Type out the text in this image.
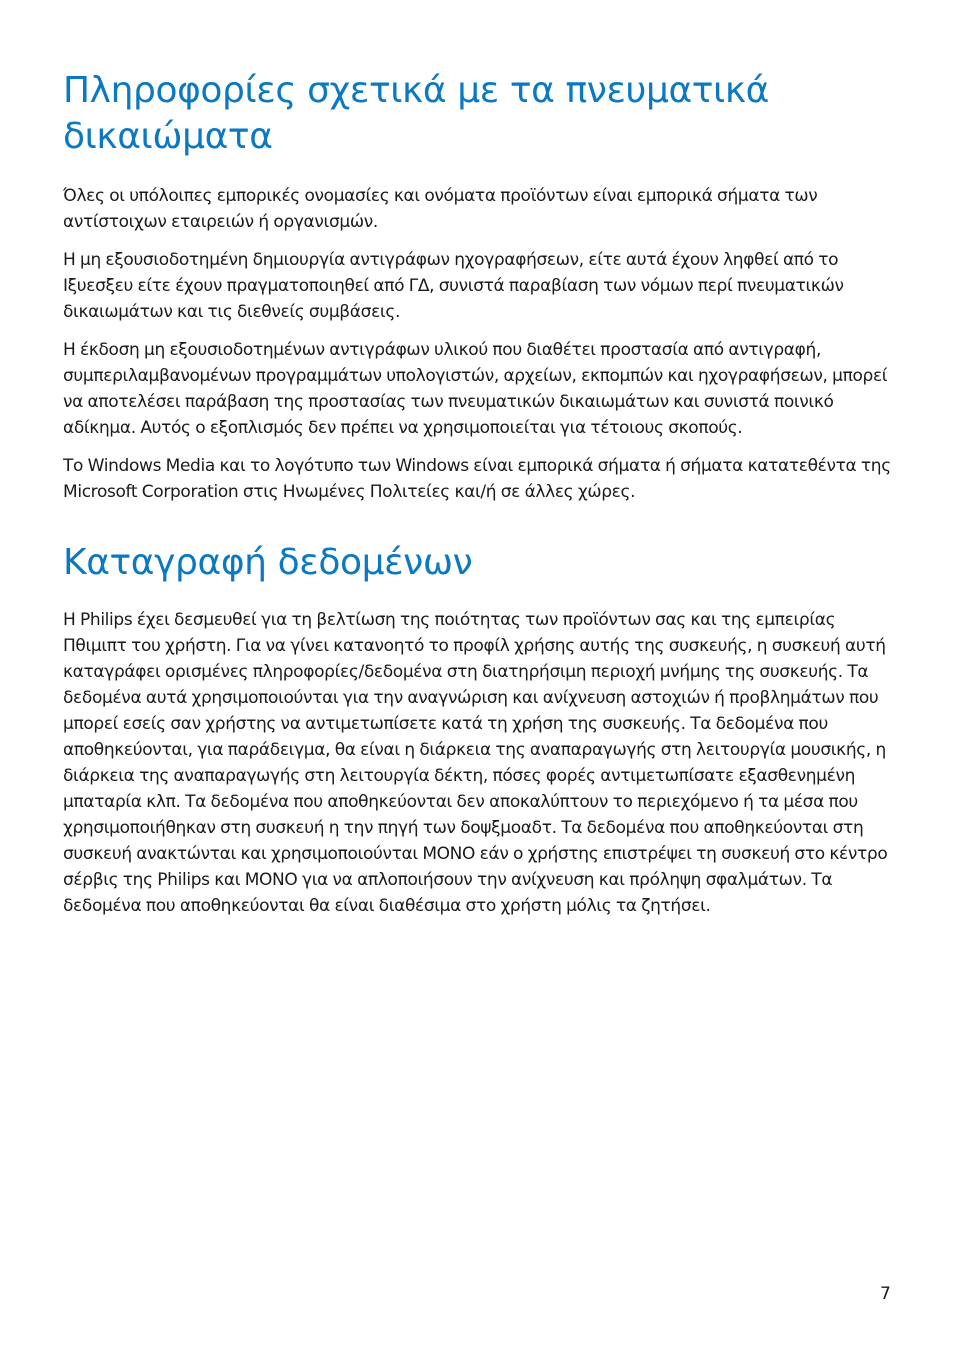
Πληροφορίες σχετικά με τα πνευματικά δικαιώματα

Όλες οι υπόλοιπες εμπορικές ονομασίες και ονόματα προϊόντων είναι εμπορικά σήματα των αντίστοιχων εταιρειών ή οργανισμών.

Η μη εξουσιοδοτημένη δημιουργία αντιγράφων ηχογραφήσεων, είτε αυτά έχουν ληφθεί από το Ιξυεσξευ είτε έχουν πραγματοποιηθεί από ΓΔ, συνιστά παραβίαση των νόμων περί πνευματικών δικαιωμάτων και τις διεθνείς συμβάσεις.

Η έκδοση μη εξουσιοδοτημένων αντιγράφων υλικού που διαθέτει προστασία από αντιγραφή, συμπεριλαμβανομένων προγραμμάτων υπολογιστών, αρχείων, εκπομπών και ηχογραφήσεων, μπορεί να αποτελέσει παράβαση της προστασίας των πνευματικών δικαιωμάτων και συνιστά ποινικό αδίκημα. Αυτός ο εξοπλισμός δεν πρέπει να χρησιμοποιείται για τέτοιους σκοπούς.

Το Windows Media και το λογότυπο των Windows είναι εμπορικά σήματα ή σήματα κατατεθέντα της Microsoft Corporation στις Ηνωμένες Πολιτείες και/ή σε άλλες χώρες.

Καταγραφή δεδομένων

Η Philips έχει δεσμευθεί για τη βελτίωση της ποιότητας των προϊόντων σας και της εμπειρίας Πθιμιπτ του χρήστη. Για να γίνει κατανοητό το προφίλ χρήσης αυτής της συσκευής, η συσκευή αυτή καταγράφει ορισμένες πληροφορίες/δεδομένα στη διατηρήσιμη περιοχή μνήμης της συσκευής. Τα δεδομένα αυτά χρησιμοποιούνται για την αναγνώριση και ανίχνευση αστοχιών ή προβλημάτων που μπορεί εσείς σαν χρήστης να αντιμετωπίσετε κατά τη χρήση της συσκευής. Τα δεδομένα που αποθηκεύονται, για παράδειγμα, θα είναι η διάρκεια της αναπαραγωγής στη λειτουργία μουσικής, η διάρκεια της αναπαραγωγής στη λειτουργία δέκτη, πόσες φορές αντιμετωπίσατε εξασθενημένη μπαταρία κλπ. Τα δεδομένα που αποθηκεύονται δεν αποκαλύπτουν το περιεχόμενο ή τα μέσα που χρησιμοποιήθηκαν στη συσκευή η την πηγή των δοψξμοαδτ. Τα δεδομένα που αποθηκεύονται στη συσκευή ανακτώνται και χρησιμοποιούνται ΜΟΝΟ εάν ο χρήστης επιστρέψει τη συσκευή στο κέντρο σέρβις της Philips και ΜΟΝΟ για να απλοποιήσουν την ανίχνευση και πρόληψη σφαλμάτων. Τα δεδομένα που αποθηκεύονται θα είναι διαθέσιμα στο χρήστη μόλις τα ζητήσει.

7
